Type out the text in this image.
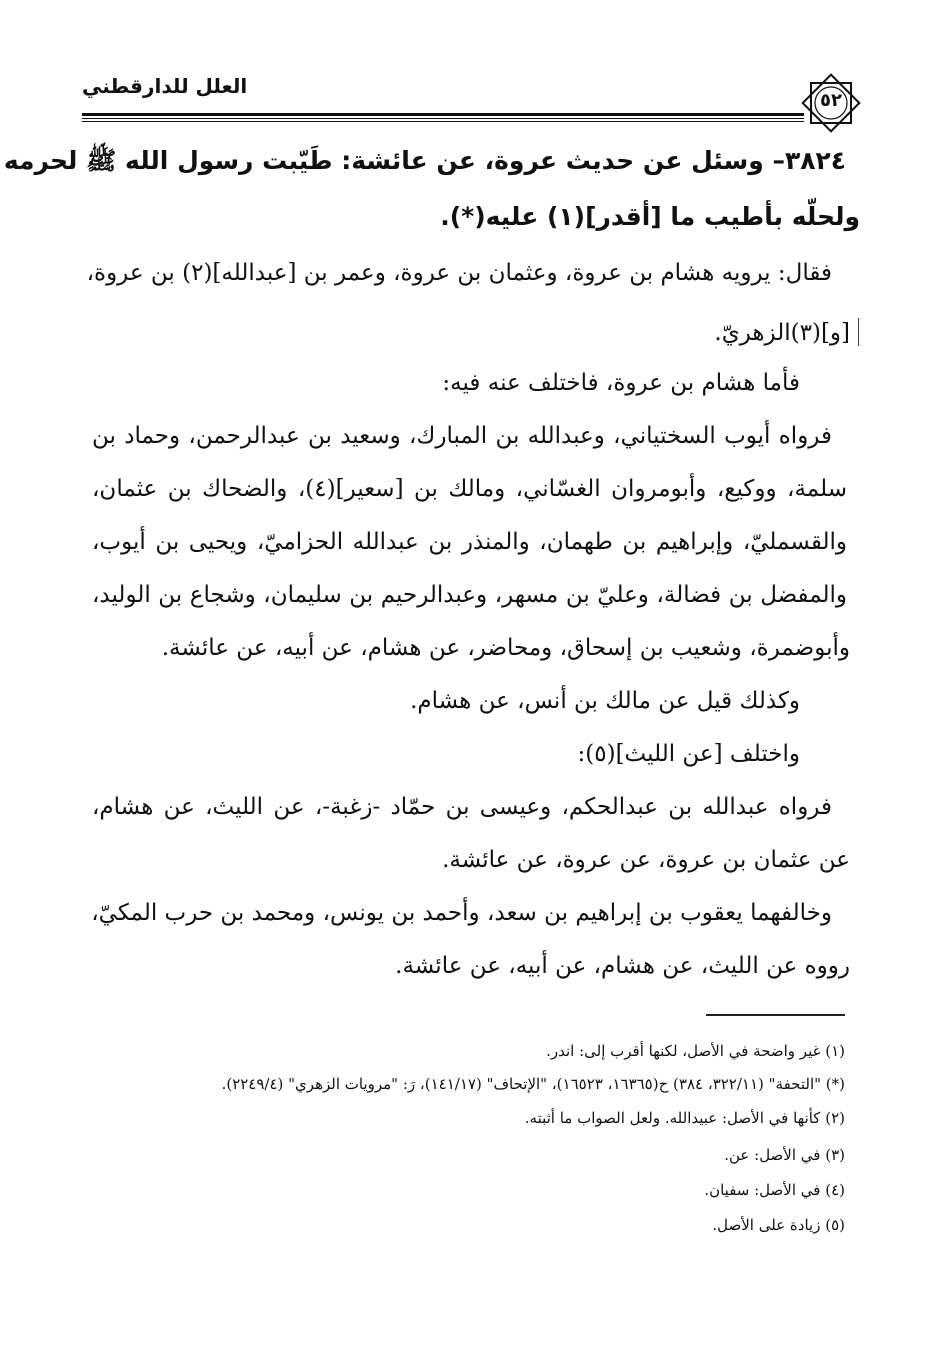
العلل للدارقطني
٥٢
٣٨٢٤– وسئل عن حديث عروة، عن عائشة: طَيّبت رسول الله ﷺ لحرمه
ولحلّه بأطيب ما [أقدر](١) عليه(*).
فقال: يرويه هشام بن عروة، وعثمان بن عروة، وعمر بن [عبدالله](٢) بن عروة،
[و](٣)الزهريّ.
فأما هشام بن عروة، فاختلف عنه فيه:
فرواه أيوب السختياني، وعبدالله بن المبارك، وسعيد بن عبدالرحمن، وحماد بن
سلمة، ووكيع، وأبومروان الغسّاني، ومالك بن [سعير](٤)، والضحاك بن عثمان،
والقسمليّ، وإبراهيم بن طهمان، والمنذر بن عبدالله الحزاميّ، ويحيى بن أيوب،
والمفضل بن فضالة، وعليّ بن مسهر، وعبدالرحيم بن سليمان، وشجاع بن الوليد،
وأبوضمرة، وشعيب بن إسحاق، ومحاضر، عن هشام، عن أبيه، عن عائشة.
وكذلك قيل عن مالك بن أنس، عن هشام.
واختلف [عن الليث](٥):
فرواه عبدالله بن عبدالحكم، وعيسى بن حمّاد -زغبة-، عن الليث، عن هشام،
عن عثمان بن عروة، عن عروة، عن عائشة.
وخالفهما يعقوب بن إبراهيم بن سعد، وأحمد بن يونس، ومحمد بن حرب المكيّ،
رووه عن الليث، عن هشام، عن أبيه، عن عائشة.
(١) غير واضحة في الأصل، لكنها أقرب إلى: اندر.
(*) "التحفة" (٣٢٢/١١، ٣٨٤) ح(١٦٣٦٥، ١٦٥٢٣)، "الإتحاف" (١٤١/١٧)، رَ: "مرويات الزهري" (٢٢٤٩/٤).
(٢) كأنها في الأصل: عبيدالله. ولعل الصواب ما أثبته.
(٣) في الأصل: عن.
(٤) في الأصل: سفيان.
(٥) زيادة على الأصل.
